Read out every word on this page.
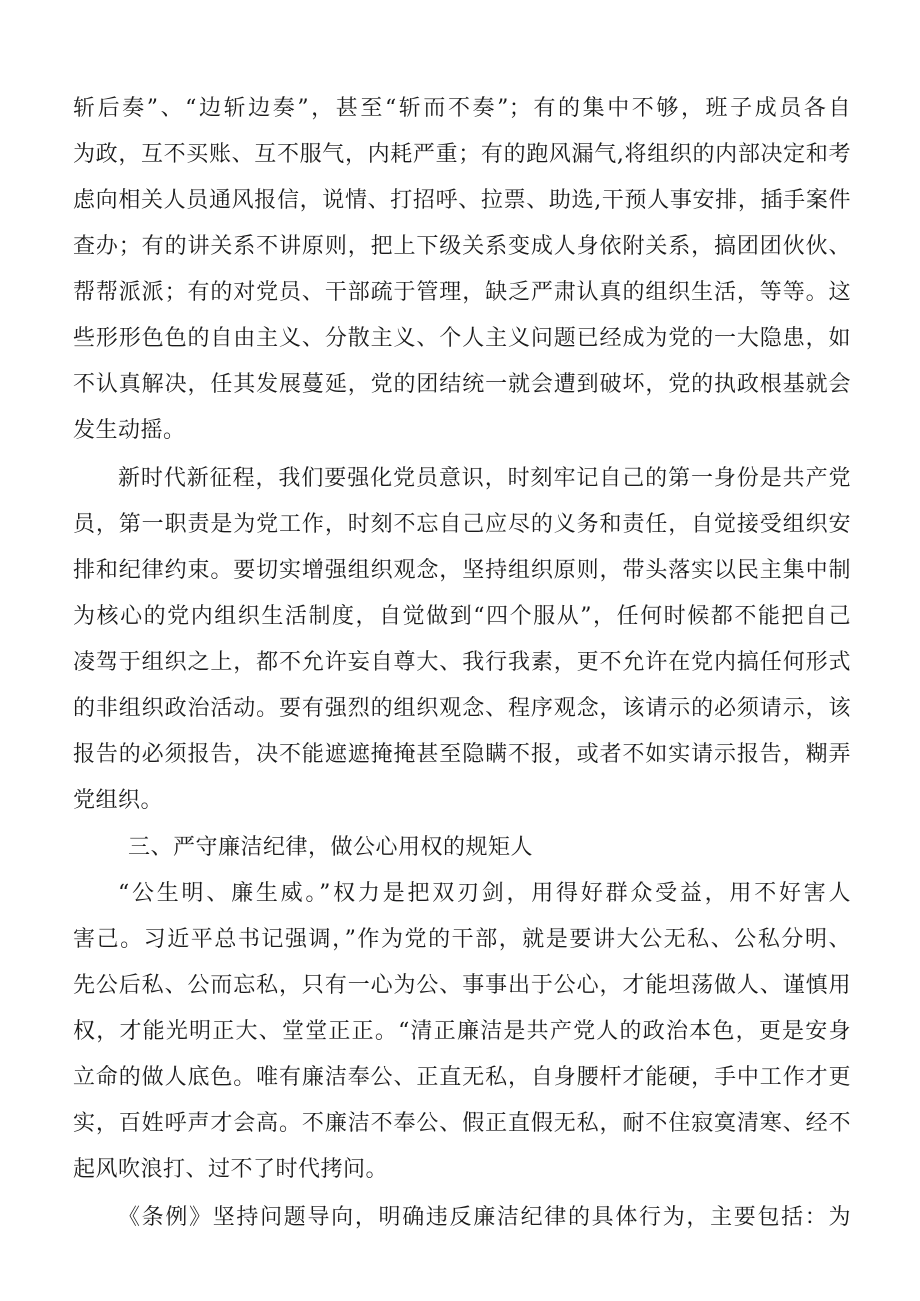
斩后奏”、“边斩边奏”，甚至“斩而不奏”；有的集中不够，班子成员各自
为政，互不买账、互不服气，内耗严重；有的跑风漏气,将组织的内部决定和考
虑向相关人员通风报信，说情、打招呼、拉票、助选,干预人事安排，插手案件
查办；有的讲关系不讲原则，把上下级关系变成人身依附关系，搞团团伙伙、
帮帮派派；有的对党员、干部疏于管理，缺乏严肃认真的组织生活，等等。这
些形形色色的自由主义、分散主义、个人主义问题已经成为党的一大隐患，如
不认真解决，任其发展蔓延，党的团结统一就会遭到破坏，党的执政根基就会
发生动摇。
新时代新征程，我们要强化党员意识，时刻牢记自己的第一身份是共产党
员，第一职责是为党工作，时刻不忘自己应尽的义务和责任，自觉接受组织安
排和纪律约束。要切实增强组织观念，坚持组织原则，带头落实以民主集中制
为核心的党内组织生活制度，自觉做到“四个服从”，任何时候都不能把自己
凌驾于组织之上，都不允许妄自尊大、我行我素，更不允许在党内搞任何形式
的非组织政治活动。要有强烈的组织观念、程序观念，该请示的必须请示，该
报告的必须报告，决不能遮遮掩掩甚至隐瞒不报，或者不如实请示报告，糊弄
党组织。
三、严守廉洁纪律，做公心用权的规矩人
“公生明、廉生威。”权力是把双刃剑，用得好群众受益，用不好害人
害己。习近平总书记强调，”作为党的干部，就是要讲大公无私、公私分明、
先公后私、公而忘私，只有一心为公、事事出于公心，才能坦荡做人、谨慎用
权，才能光明正大、堂堂正正。“清正廉洁是共产党人的政治本色，更是安身
立命的做人底色。唯有廉洁奉公、正直无私，自身腰杆才能硬，手中工作才更
实，百姓呼声才会高。不廉洁不奉公、假正直假无私，耐不住寂寞清寒、经不
起风吹浪打、过不了时代拷问。
《条例》坚持问题导向，明确违反廉洁纪律的具体行为，主要包括：为
